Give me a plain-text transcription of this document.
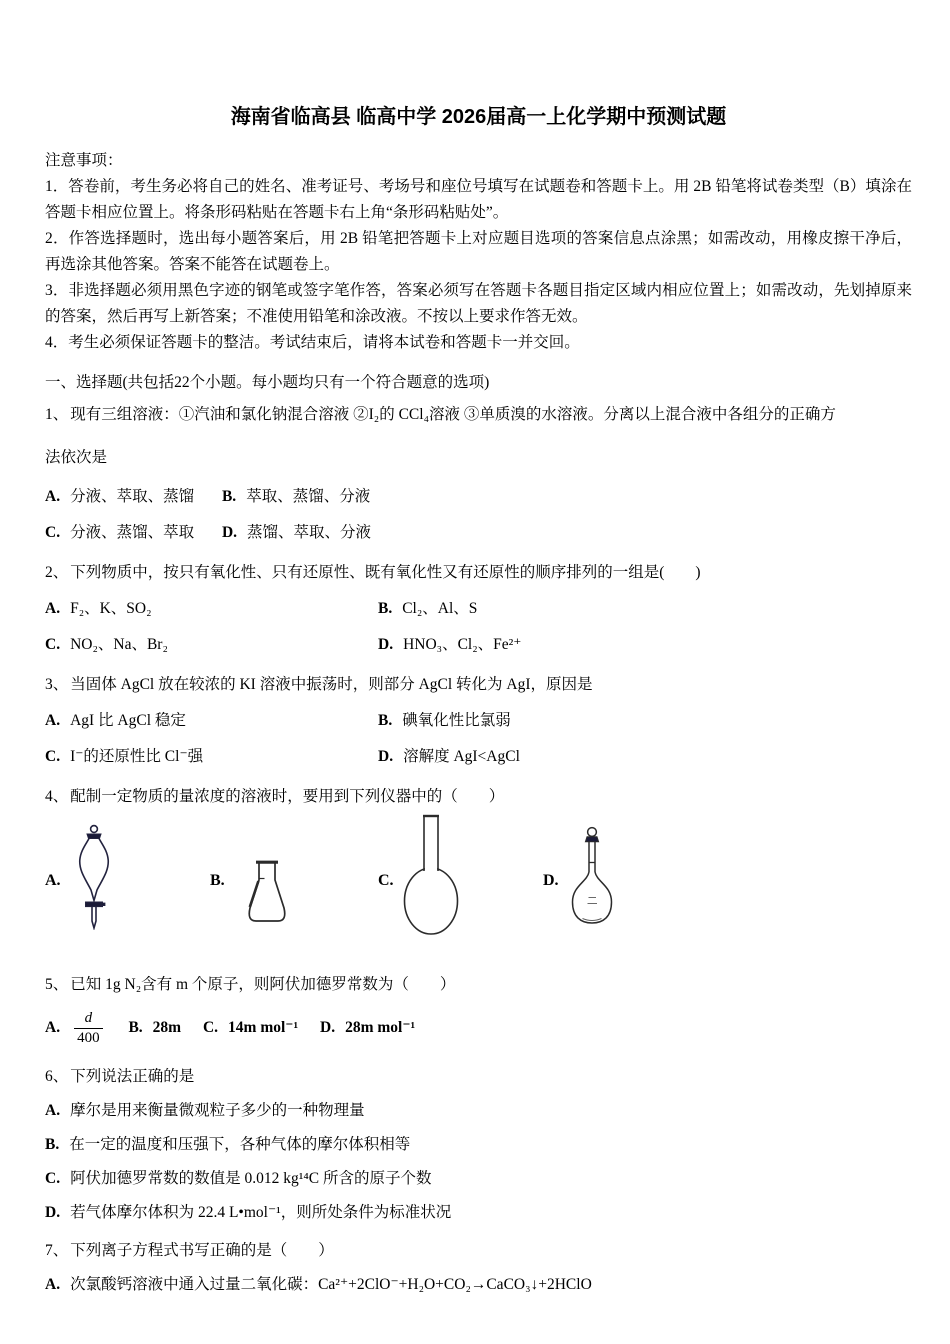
海南省临高县 临高中学 2026届高一上化学期中预测试题

注意事项：

1．答卷前，考生务必将自己的姓名、准考证号、考场号和座位号填写在试题卷和答题卡上。用 2B 铅笔将试卷类型（B）填涂在答题卡相应位置上。将条形码粘贴在答题卡右上角“条形码粘贴处”。

2．作答选择题时，选出每小题答案后，用 2B 铅笔把答题卡上对应题目选项的答案信息点涂黑；如需改动，用橡皮擦干净后，再选涂其他答案。答案不能答在试题卷上。

3．非选择题必须用黑色字迹的钢笔或签字笔作答，答案必须写在答题卡各题目指定区域内相应位置上；如需改动，先划掉原来的答案，然后再写上新答案；不准使用铅笔和涂改液。不按以上要求作答无效。

4．考生必须保证答题卡的整洁。考试结束后，请将本试卷和答题卡一并交回。

一、选择题(共包括22个小题。每小题均只有一个符合题意的选项)

1、 现有三组溶液：①汽油和氯化钠混合溶液 ②I₂的 CCl₄溶液 ③单质溴的水溶液。分离以上混合液中各组分的正确方

法依次是

A. 分液、萃取、蒸馏 B. 萃取、蒸馏、分液

C. 分液、蒸馏、萃取 D. 蒸馏、萃取、分液

2、 下列物质中，按只有氧化性、只有还原性、既有氧化性又有还原性的顺序排列的一组是(　　)

A. F₂、K、SO₂	B. Cl₂、Al、S

C. NO₂、Na、Br₂	D. HNO₃、Cl₂、Fe²⁺

3、 当固体 AgCl 放在较浓的 KI 溶液中振荡时，则部分 AgCl 转化为 AgI，原因是

A. AgI 比 AgCl 稳定	B. 碘氧化性比氯弱

C. I⁻的还原性比 Cl⁻强	D. 溶解度 AgI<AgCl

4、 配制一定物质的量浓度的溶液时，要用到下列仪器中的（　　）

A.	B.	C.	D.

5、 已知 1g N₂含有 m 个原子，则阿伏加德罗常数为（　　）

A. $\frac{d}{400} B$. 28m C. 14m mol⁻¹ D. 28m mol⁻¹

6、 下列说法正确的是

A. 摩尔是用来衡量微观粒子多少的一种物理量

B. 在一定的温度和压强下，各种气体的摩尔体积相等

C. 阿伏加德罗常数的数值是 0.012 kg¹⁴C 所含的原子个数

D. 若气体摩尔体积为 22.4 L•mol⁻¹，则所处条件为标准状况

7、 下列离子方程式书写正确的是（　　）

A. 次氯酸钙溶液中通入过量二氧化碳：Ca²⁺+2ClO⁻+H₂O+CO₂→CaCO₃↓+2HClO
